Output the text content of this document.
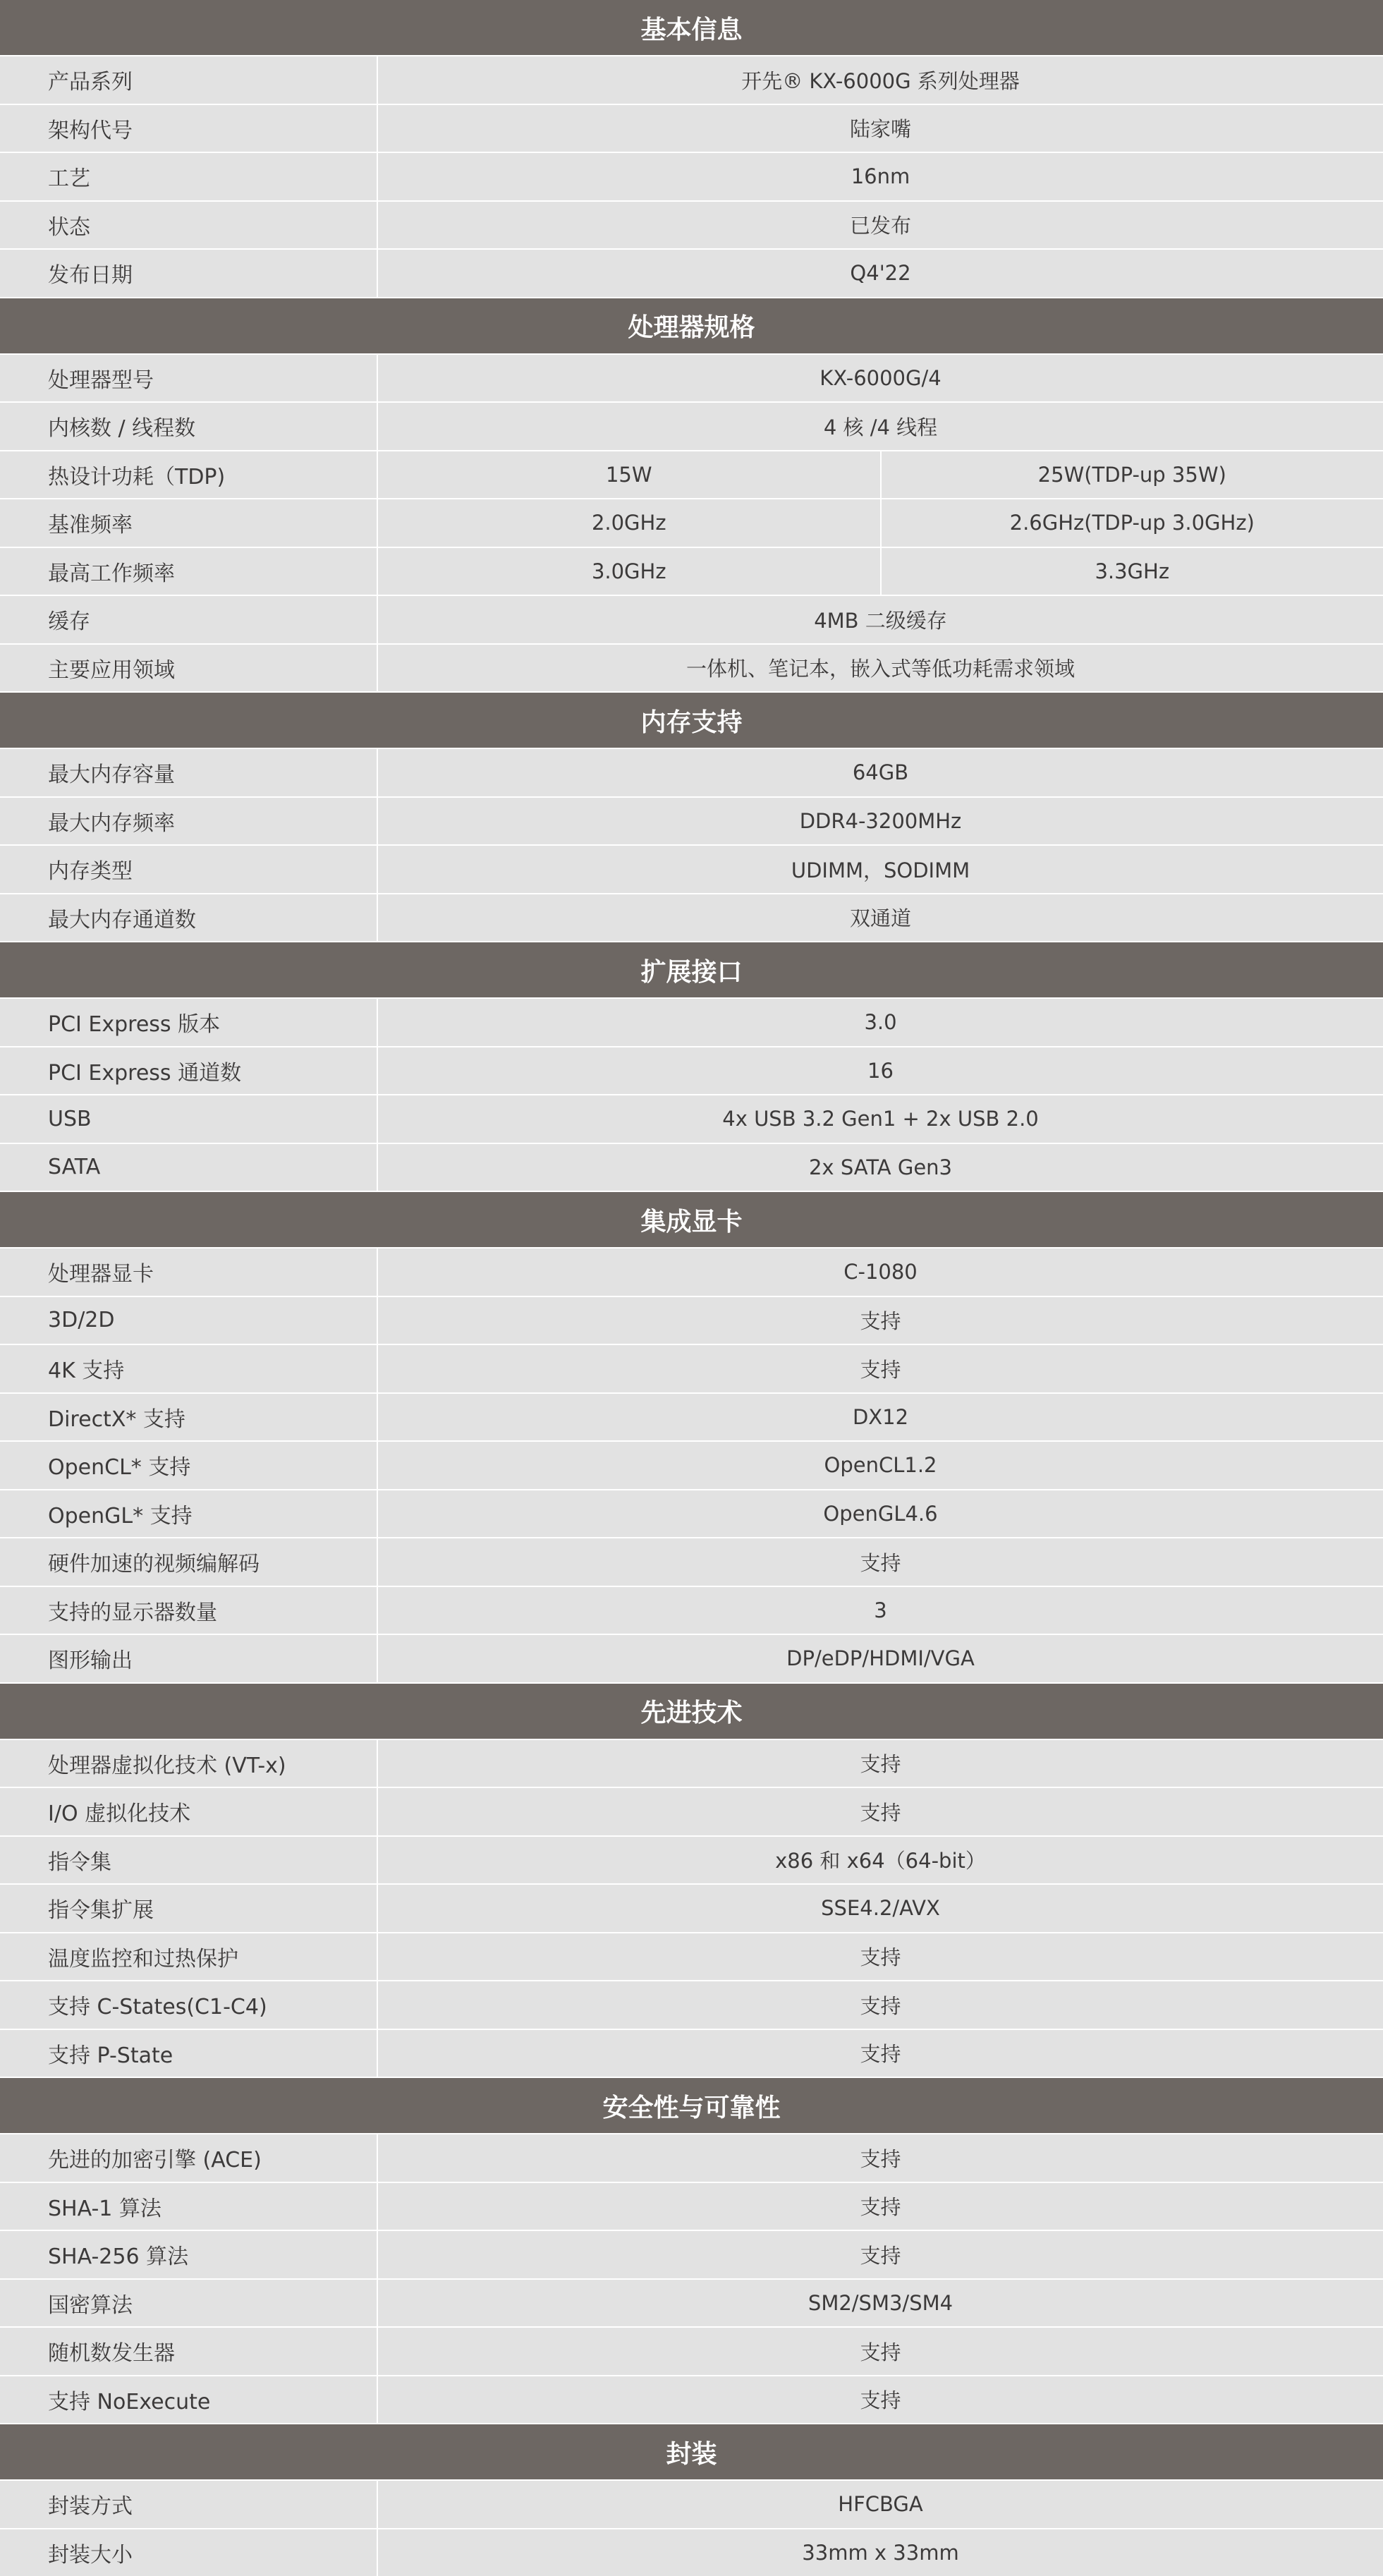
基本信息
产品系列	开先® KX-6000G 系列处理器
架构代号	陆家嘴
工艺	16nm
状态	已发布
发布日期	Q4'22
处理器规格
处理器型号	KX-6000G/4
内核数 / 线程数	4 核 /4 线程
热设计功耗（TDP)	15W	25W(TDP-up 35W)
基准频率	2.0GHz	2.6GHz(TDP-up 3.0GHz)
最高工作频率	3.0GHz	3.3GHz
缓存	4MB 二级缓存
主要应用领域	一体机、笔记本，嵌入式等低功耗需求领域
内存支持
最大内存容量	64GB
最大内存频率	DDR4-3200MHz
内存类型	UDIMM，SODIMM
最大内存通道数	双通道
扩展接口
PCI Express 版本	3.0
PCI Express 通道数	16
USB	4x USB 3.2 Gen1 + 2x USB 2.0
SATA	2x SATA Gen3
集成显卡
处理器显卡	C-1080
3D/2D	支持
4K 支持	支持
DirectX* 支持	DX12
OpenCL* 支持	OpenCL1.2
OpenGL* 支持	OpenGL4.6
硬件加速的视频编解码	支持
支持的显示器数量	3
图形输出	DP/eDP/HDMI/VGA
先进技术
处理器虚拟化技术 (VT-x)	支持
I/O 虚拟化技术	支持
指令集	x86 和 x64（64-bit）
指令集扩展	SSE4.2/AVX
温度监控和过热保护	支持
支持 C-States(C1-C4)	支持
支持 P-State	支持
安全性与可靠性
先进的加密引擎 (ACE)	支持
SHA-1 算法	支持
SHA-256 算法	支持
国密算法	SM2/SM3/SM4
随机数发生器	支持
支持 NoExecute	支持
封装
封装方式	HFCBGA
封装大小	33mm x 33mm
